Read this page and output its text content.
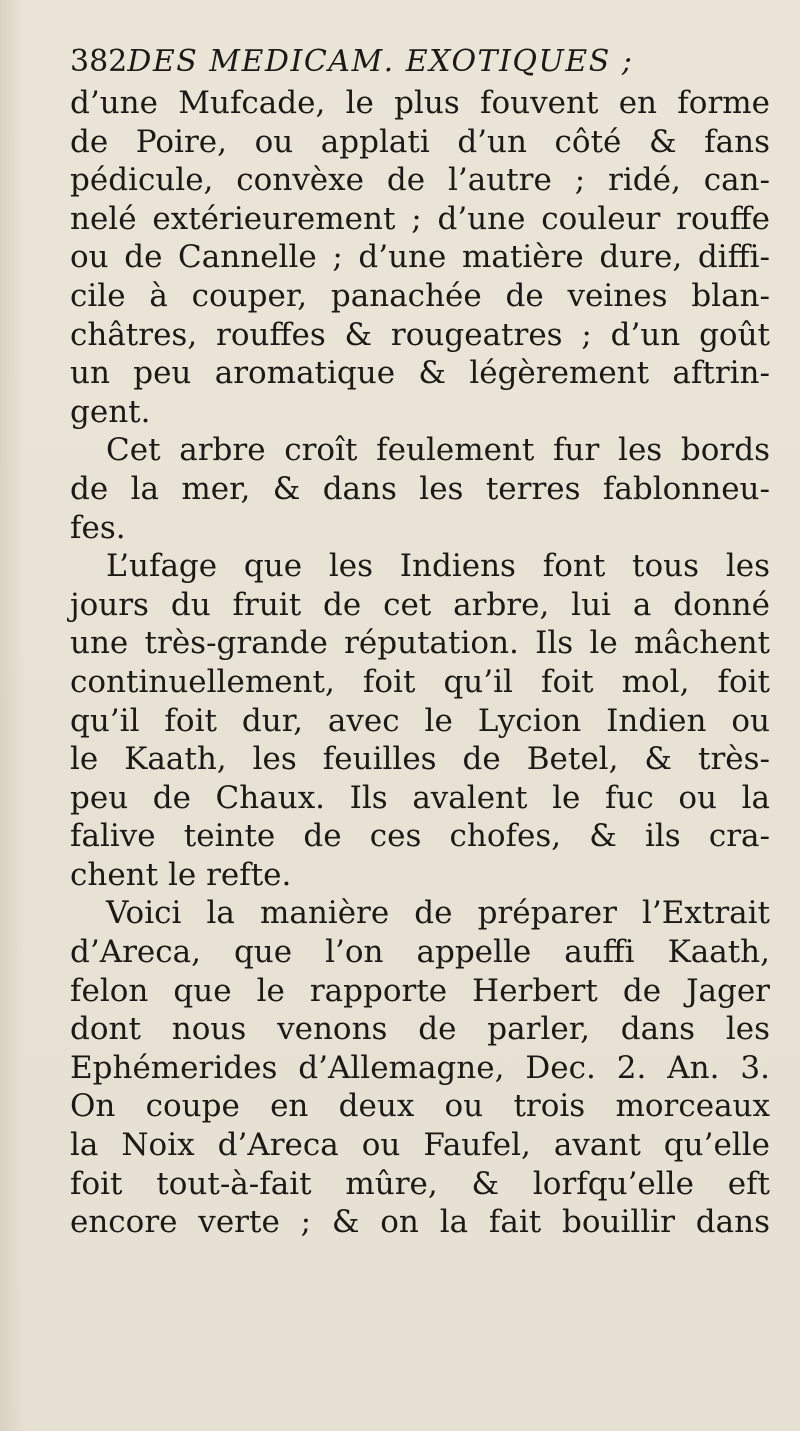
382DES MEDICAM. EXOTIQUES ;
d’une Mufcade, le plus fouvent en forme
de Poire, ou applati d’un côté & fans
pédicule, convèxe de l’autre ; ridé, can-
nelé extérieurement ; d’une couleur rouffe
ou de Cannelle ; d’une matière dure, diffi-
cile à couper, panachée de veines blan-
châtres, rouffes & rougeatres ; d’un goût
un peu aromatique & légèrement aftrin-
gent.
Cet arbre croît feulement fur les bords
de la mer, & dans les terres fablonneu-
fes.
L’ufage que les Indiens font tous les
jours du fruit de cet arbre, lui a donné
une très-grande réputation. Ils le mâchent
continuellement, foit qu’il foit mol, foit
qu’il foit dur, avec le Lycion Indien ou
le Kaath, les feuilles de Betel, & très-
peu de Chaux. Ils avalent le fuc ou la
falive teinte de ces chofes, & ils cra-
chent le refte.
Voici la manière de préparer l’Extrait
d’Areca, que l’on appelle auffi Kaath,
felon que le rapporte Herbert de Jager
dont nous venons de parler, dans les
Ephémerides d’Allemagne, Dec. 2. An. 3.
On coupe en deux ou trois morceaux
la Noix d’Areca ou Faufel, avant qu’elle
foit tout-à-fait mûre, & lorfqu’elle eft
encore verte ; & on la fait bouillir dans
